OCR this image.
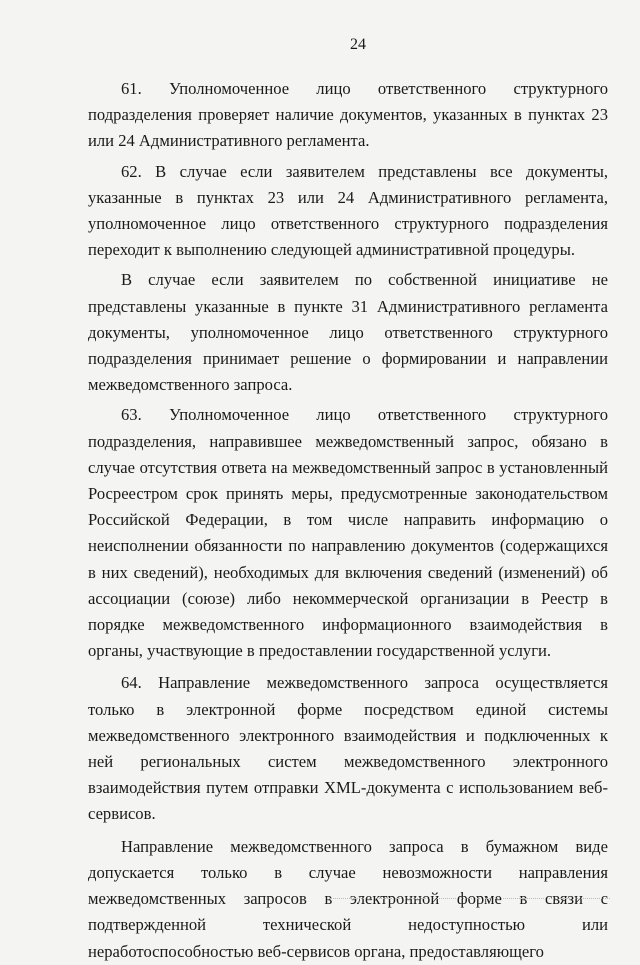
24

61. Уполномоченное лицо ответственного структурного подразделения проверяет наличие документов, указанных в пунктах 23 или 24 Административного регламента.

62. В случае если заявителем представлены все документы, указанные в пунктах 23 или 24 Административного регламента, уполномоченное лицо ответственного структурного подразделения переходит к выполнению следующей административной процедуры.

В случае если заявителем по собственной инициативе не представлены указанные в пункте 31 Административного регламента документы, уполномоченное лицо ответственного структурного подразделения принимает решение о формировании и направлении межведомственного запроса.

63. Уполномоченное лицо ответственного структурного подразделения, направившее межведомственный запрос, обязано в случае отсутствия ответа на межведомственный запрос в установленный Росреестром срок принять меры, предусмотренные законодательством Российской Федерации, в том числе направить информацию о неисполнении обязанности по направлению документов (содержащихся в них сведений), необходимых для включения сведений (изменений) об ассоциации (союзе) либо некоммерческой организации в Реестр в порядке межведомственного информационного взаимодействия в органы, участвующие в предоставлении государственной услуги.

64. Направление межведомственного запроса осуществляется только в электронной форме посредством единой системы межведомственного электронного взаимодействия и подключенных к ней региональных систем межведомственного электронного взаимодействия путем отправки XML-документа с использованием веб-сервисов.

Направление межведомственного запроса в бумажном виде допускается только в случае невозможности направления межведомственных запросов в электронной форме в связи с подтвержденной технической недоступностью или неработоспособностью веб-сервисов органа, предоставляющего
